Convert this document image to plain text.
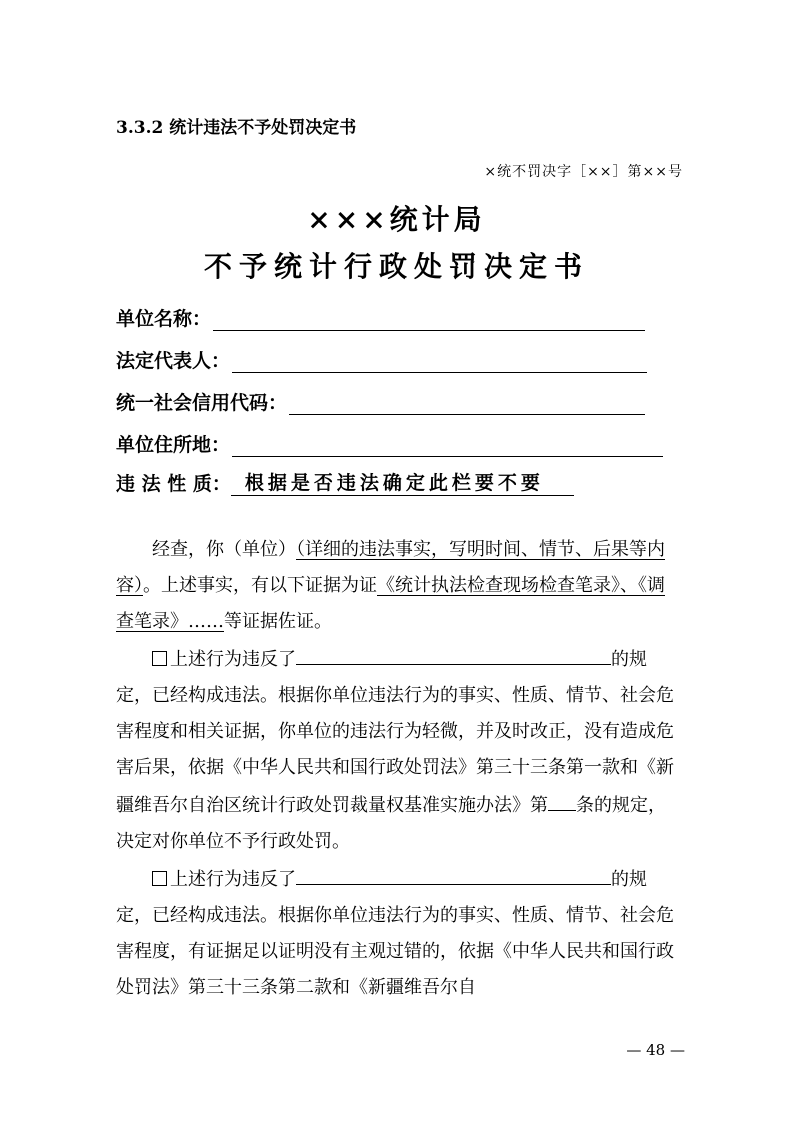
3.3.2 统计违法不予处罚决定书
×统不罚决字［××］第××号
×××统计局
不予统计行政处罚决定书
单位名称：
法定代表人：
统一社会信用代码：
单位住所地：
违 法 性 质： 根据是否违法确定此栏要不要

经查，你（单位）（详细的违法事实，写明时间、情节、后果等内容）。上述事实，有以下证据为证《统计执法检查现场检查笔录》、《调查笔录》……等证据佐证。

上述行为违反了	的规定，已经构成违法。根据你单位违法行为的事实、性质、情节、社会危害程度和相关证据，你单位的违法行为轻微，并及时改正，没有造成危害后果，依据《中华人民共和国行政处罚法》第三十三条第一款和《新疆维吾尔自治区统计行政处罚裁量权基准实施办法》第 条的规定，决定对你单位不予行政处罚。

上述行为违反了	的规定，已经构成违法。根据你单位违法行为的事实、性质、情节、社会危害程度，有证据足以证明没有主观过错的，依据《中华人民共和国行政处罚法》第三十三条第二款和《新疆维吾尔自

— 48 —
